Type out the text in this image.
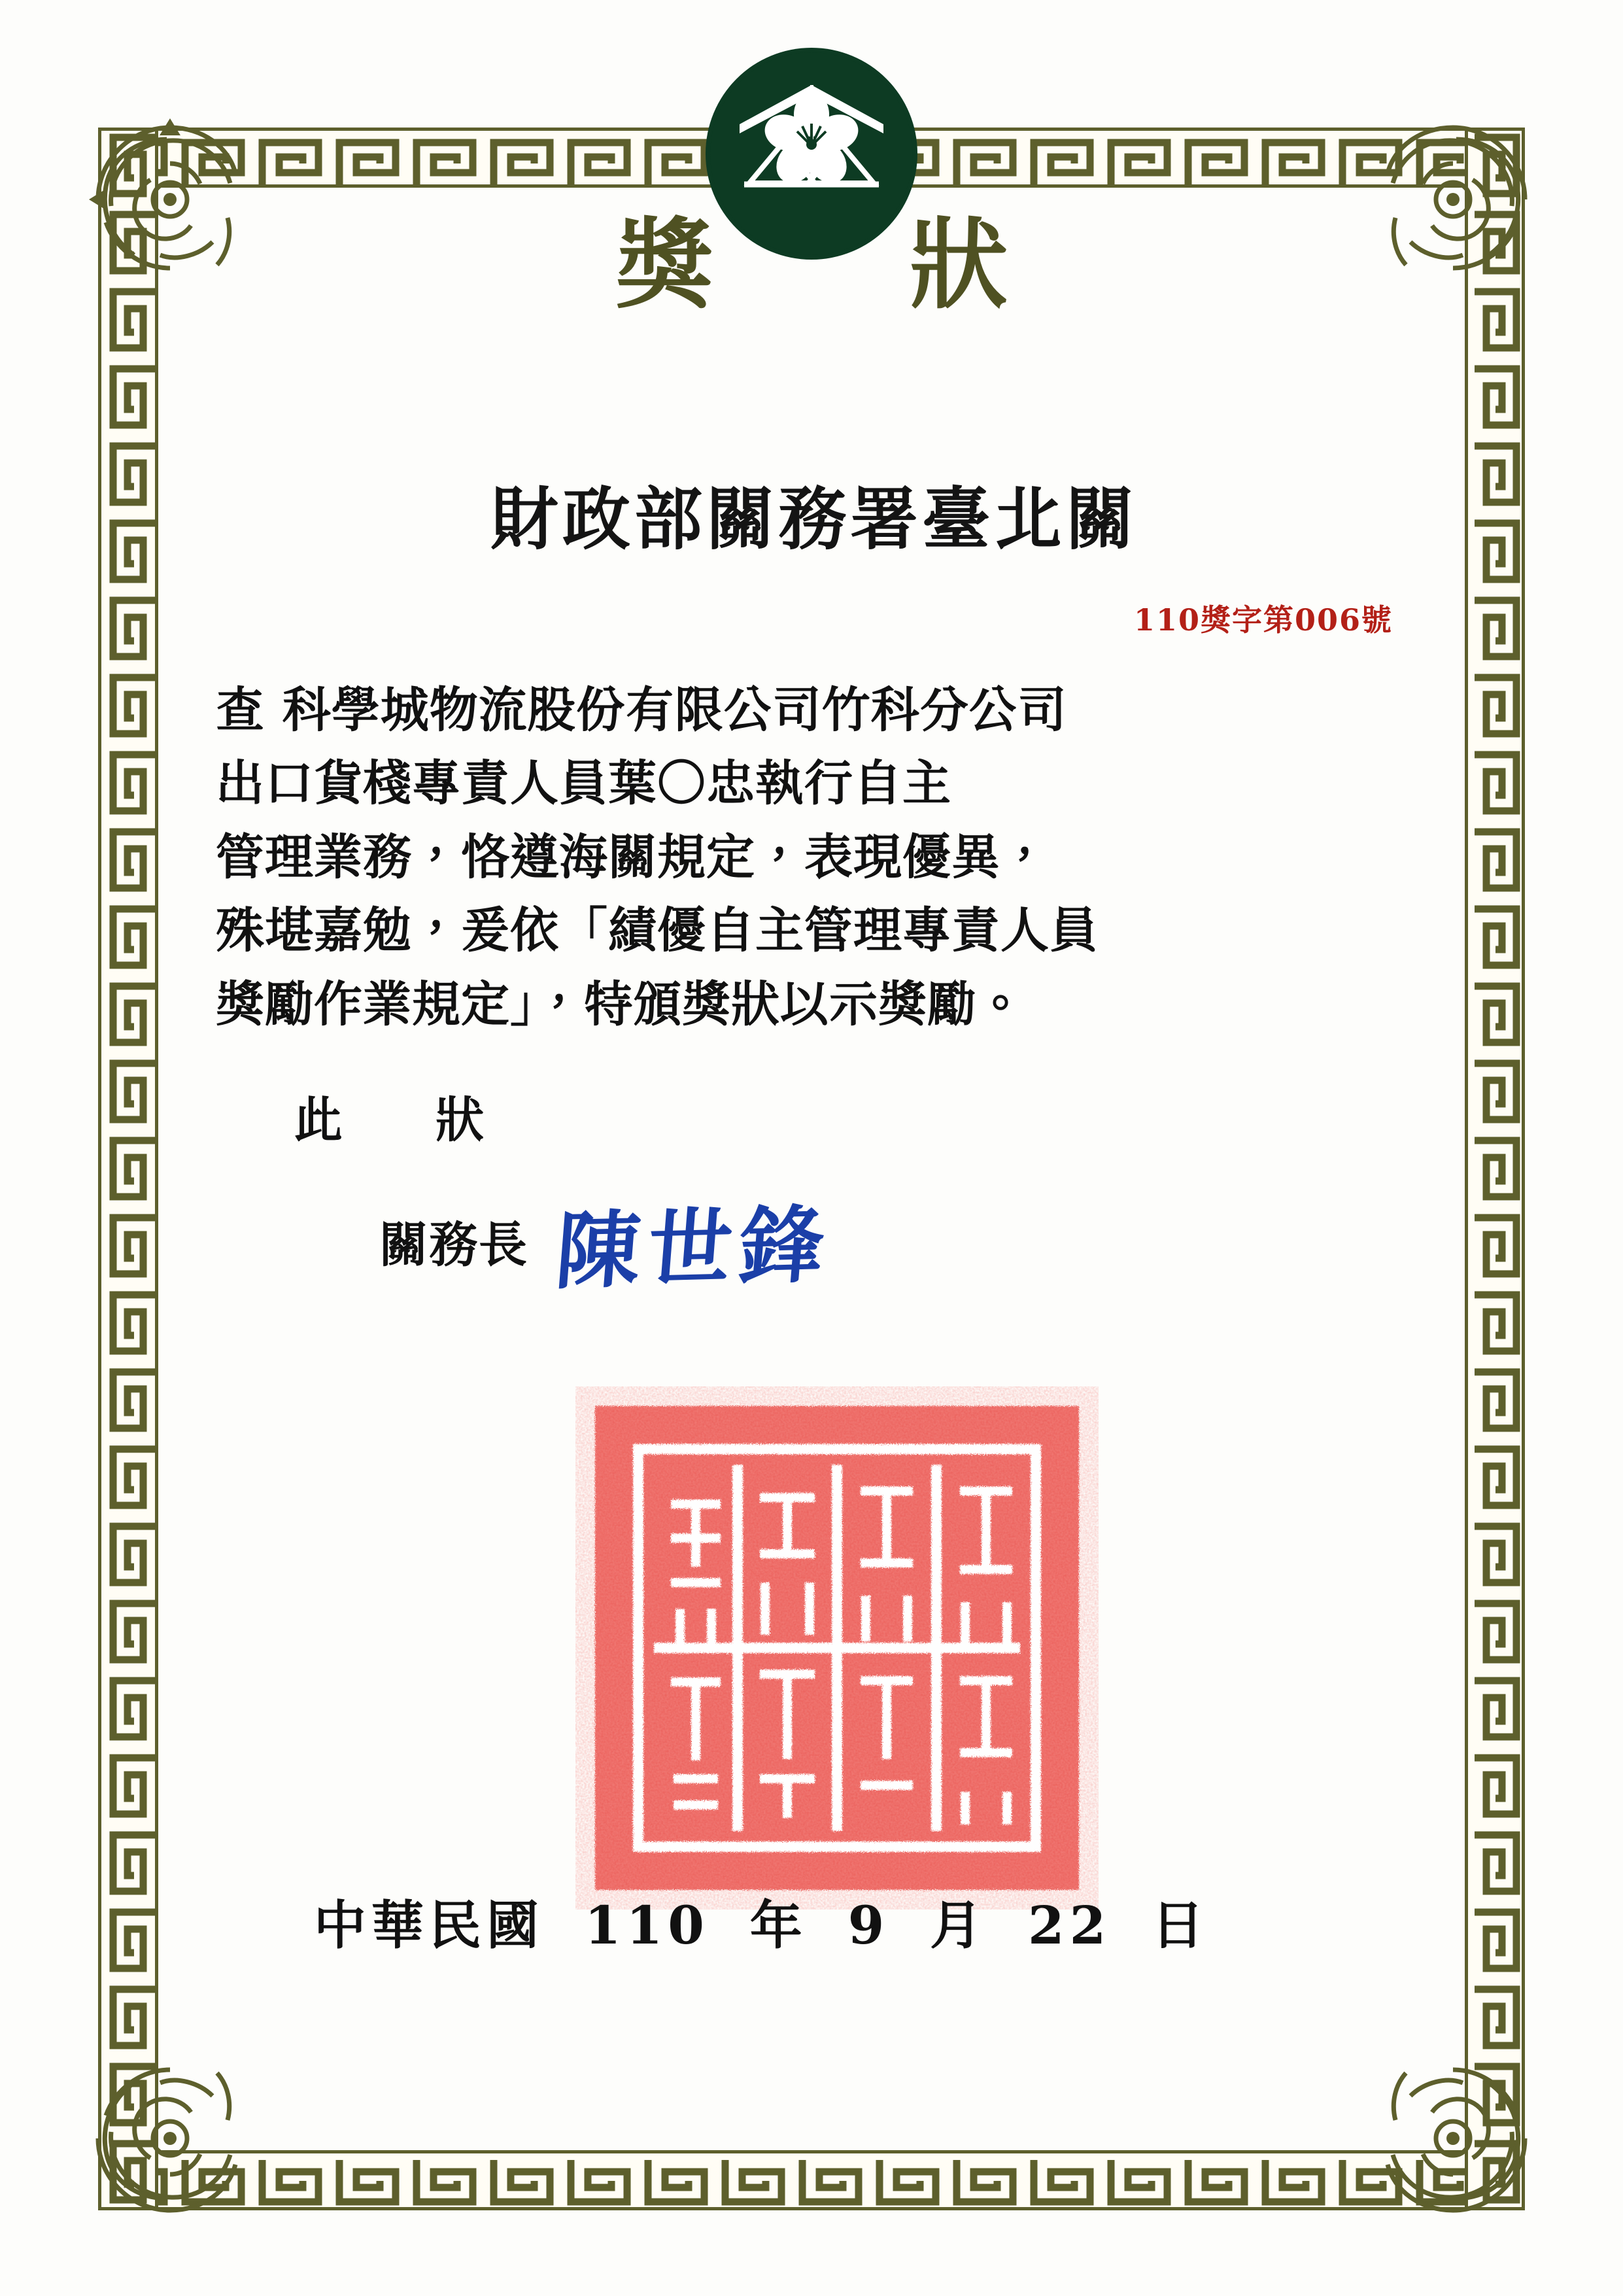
獎 狀
財政部關務署臺北關
110獎字第006號
查 科學城物流股份有限公司竹科分公司
出口貨棧專責人員葉〇忠執行自主
管理業務，恪遵海關規定，表現優異，
殊堪嘉勉，爰依「績優自主管理專責人員
獎勵作業規定」，特頒獎狀以示獎勵。
此　狀
關務長 陳世鋒
中華民國 110 年 9 月 22 日
